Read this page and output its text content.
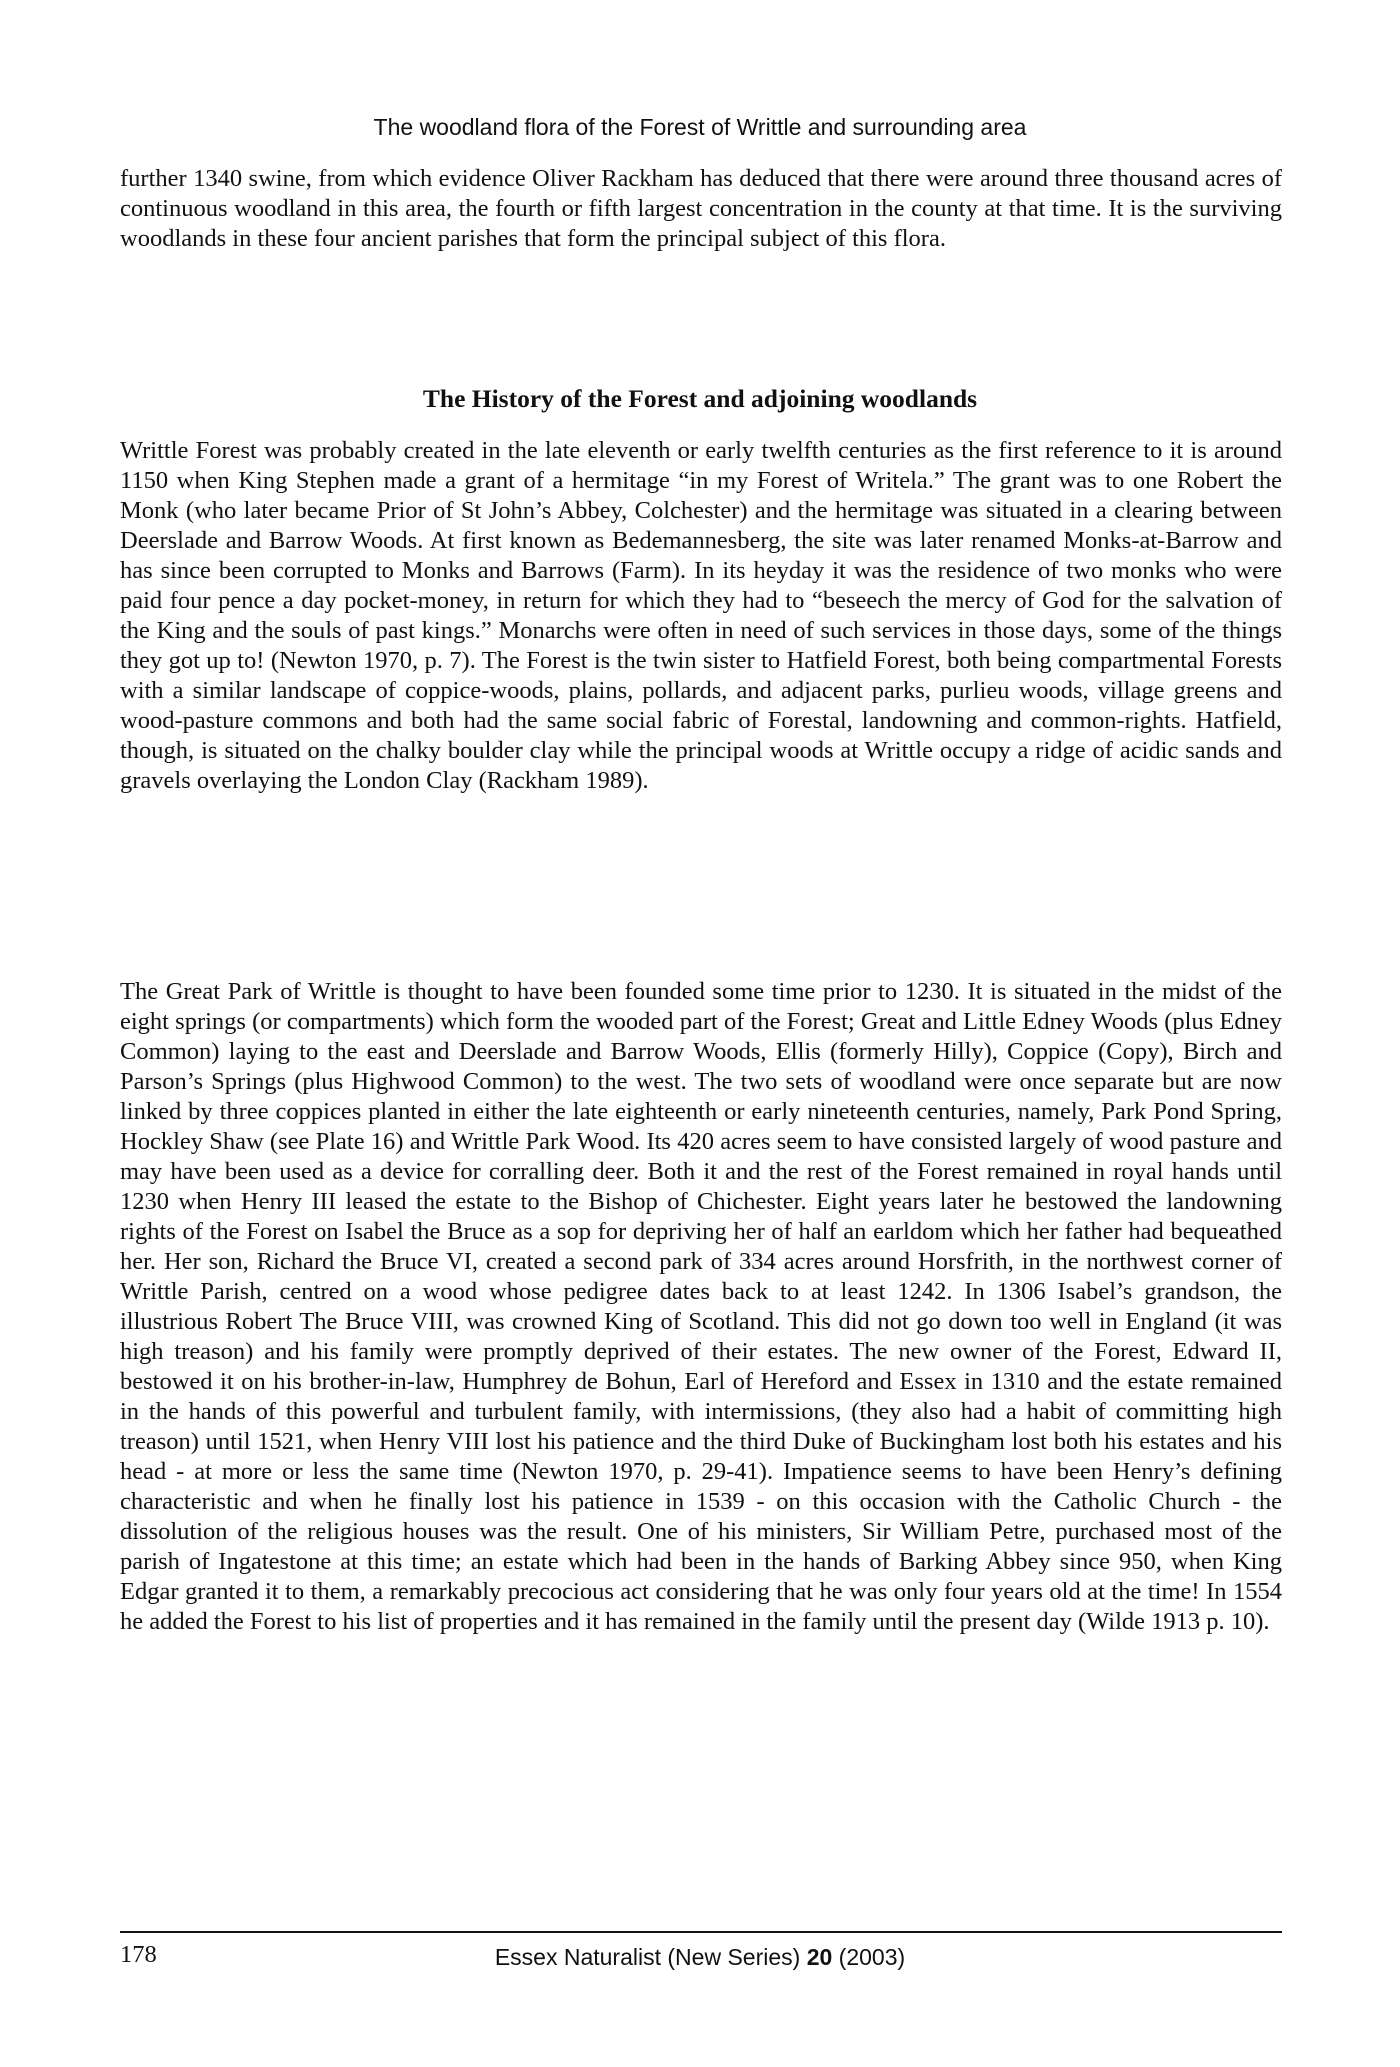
The woodland flora of the Forest of Writtle and surrounding area

further 1340 swine, from which evidence Oliver Rackham has deduced that there were around three thousand acres of continuous woodland in this area, the fourth or fifth largest concentration in the county at that time. It is the surviving woodlands in these four ancient parishes that form the principal subject of this flora.

The History of the Forest and adjoining woodlands

Writtle Forest was probably created in the late eleventh or early twelfth centuries as the first reference to it is around 1150 when King Stephen made a grant of a hermitage “in my Forest of Writela.” The grant was to one Robert the Monk (who later became Prior of St John’s Abbey, Colchester) and the hermitage was situated in a clearing between Deerslade and Barrow Woods. At first known as Bedemannesberg, the site was later renamed Monks-at-Barrow and has since been corrupted to Monks and Barrows (Farm). In its heyday it was the residence of two monks who were paid four pence a day pocket-money, in return for which they had to “beseech the mercy of God for the salvation of the King and the souls of past kings.” Monarchs were often in need of such services in those days, some of the things they got up to! (Newton 1970, p. 7). The Forest is the twin sister to Hatfield Forest, both being compartmental Forests with a similar landscape of coppice-woods, plains, pollards, and adjacent parks, purlieu woods, village greens and wood-pasture commons and both had the same social fabric of Forestal, landowning and common-rights. Hatfield, though, is situated on the chalky boulder clay while the principal woods at Writtle occupy a ridge of acidic sands and gravels overlaying the London Clay (Rackham 1989).

The Great Park of Writtle is thought to have been founded some time prior to 1230. It is situated in the midst of the eight springs (or compartments) which form the wooded part of the Forest; Great and Little Edney Woods (plus Edney Common) laying to the east and Deerslade and Barrow Woods, Ellis (formerly Hilly), Coppice (Copy), Birch and Parson’s Springs (plus Highwood Common) to the west. The two sets of woodland were once separate but are now linked by three coppices planted in either the late eighteenth or early nineteenth centuries, namely, Park Pond Spring, Hockley Shaw (see Plate 16) and Writtle Park Wood. Its 420 acres seem to have consisted largely of wood pasture and may have been used as a device for corralling deer. Both it and the rest of the Forest remained in royal hands until 1230 when Henry III leased the estate to the Bishop of Chichester. Eight years later he bestowed the landowning rights of the Forest on Isabel the Bruce as a sop for depriving her of half an earldom which her father had bequeathed her. Her son, Richard the Bruce VI, created a second park of 334 acres around Horsfrith, in the northwest corner of Writtle Parish, centred on a wood whose pedigree dates back to at least 1242. In 1306 Isabel’s grandson, the illustrious Robert The Bruce VIII, was crowned King of Scotland. This did not go down too well in England (it was high treason) and his family were promptly deprived of their estates. The new owner of the Forest, Edward II, bestowed it on his brother-in-law, Humphrey de Bohun, Earl of Hereford and Essex in 1310 and the estate remained in the hands of this powerful and turbulent family, with intermissions, (they also had a habit of committing high treason) until 1521, when Henry VIII lost his patience and the third Duke of Buckingham lost both his estates and his head - at more or less the same time (Newton 1970, p. 29-41). Impatience seems to have been Henry’s defining characteristic and when he finally lost his patience in 1539 - on this occasion with the Catholic Church - the dissolution of the religious houses was the result. One of his ministers, Sir William Petre, purchased most of the parish of Ingatestone at this time; an estate which had been in the hands of Barking Abbey since 950, when King Edgar granted it to them, a remarkably precocious act considering that he was only four years old at the time! In 1554 he added the Forest to his list of properties and it has remained in the family until the present day (Wilde 1913 p. 10).

178	Essex Naturalist (New Series) 20 (2003)
